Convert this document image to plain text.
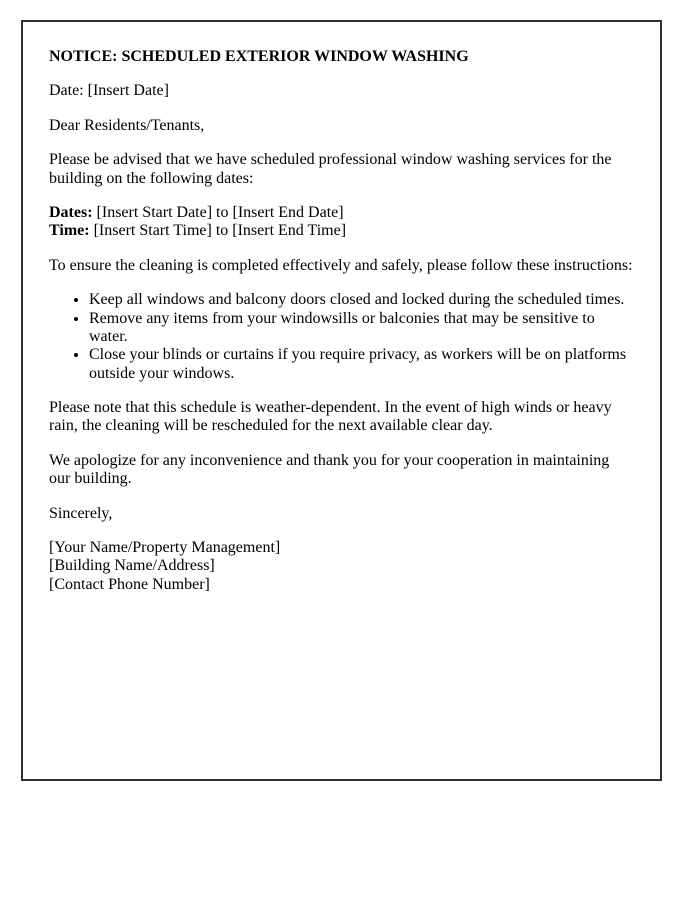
NOTICE: SCHEDULED EXTERIOR WINDOW WASHING

Date: [Insert Date]

Dear Residents/Tenants,

Please be advised that we have scheduled professional window washing services for the building on the following dates:

Dates: [Insert Start Date] to [Insert End Date]
Time: [Insert Start Time] to [Insert End Time]

To ensure the cleaning is completed effectively and safely, please follow these instructions:

• Keep all windows and balcony doors closed and locked during the scheduled times.
• Remove any items from your windowsills or balconies that may be sensitive to water.
• Close your blinds or curtains if you require privacy, as workers will be on platforms outside your windows.

Please note that this schedule is weather-dependent. In the event of high winds or heavy rain, the cleaning will be rescheduled for the next available clear day.

We apologize for any inconvenience and thank you for your cooperation in maintaining our building.

Sincerely,

[Your Name/Property Management]
[Building Name/Address]
[Contact Phone Number]
